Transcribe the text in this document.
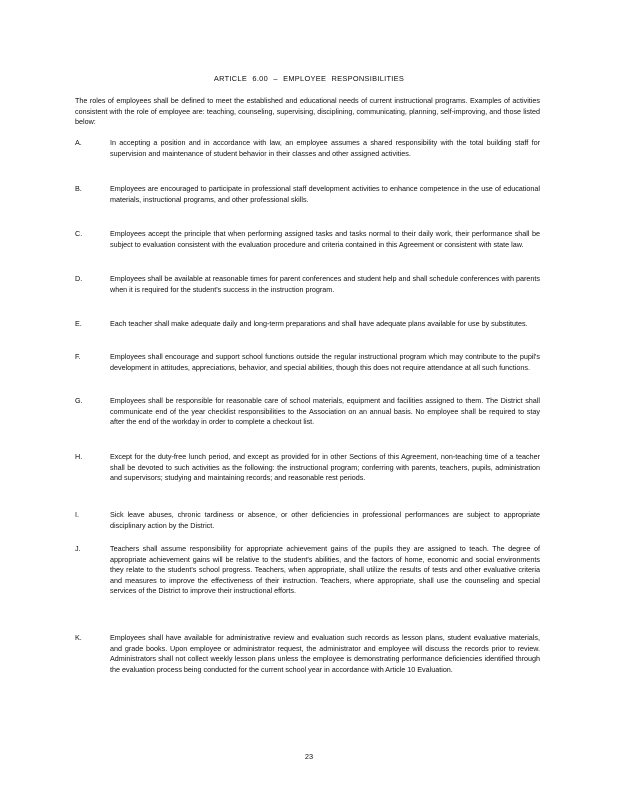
ARTICLE 6.00 – EMPLOYEE RESPONSIBILITIES
The roles of employees shall be defined to meet the established and educational needs of current instructional programs. Examples of activities consistent with the role of employee are: teaching, counseling, supervising, disciplining, communicating, planning, self-improving, and those listed below:
A.	In accepting a position and in accordance with law, an employee assumes a shared responsibility with the total building staff for supervision and maintenance of student behavior in their classes and other assigned activities.
B.	Employees are encouraged to participate in professional staff development activities to enhance competence in the use of educational materials, instructional programs, and other professional skills.
C.	Employees accept the principle that when performing assigned tasks and tasks normal to their daily work, their performance shall be subject to evaluation consistent with the evaluation procedure and criteria contained in this Agreement or consistent with state law.
D.	Employees shall be available at reasonable times for parent conferences and student help and shall schedule conferences with parents when it is required for the student's success in the instruction program.
E.	Each teacher shall make adequate daily and long-term preparations and shall have adequate plans available for use by substitutes.
F.	Employees shall encourage and support school functions outside the regular instructional program which may contribute to the pupil's development in attitudes, appreciations, behavior, and special abilities, though this does not require attendance at all such functions.
G.	Employees shall be responsible for reasonable care of school materials, equipment and facilities assigned to them. The District shall communicate end of the year checklist responsibilities to the Association on an annual basis. No employee shall be required to stay after the end of the workday in order to complete a checkout list.
H.	Except for the duty-free lunch period, and except as provided for in other Sections of this Agreement, non-teaching time of a teacher shall be devoted to such activities as the following: the instructional program; conferring with parents, teachers, pupils, administration and supervisors; studying and maintaining records; and reasonable rest periods.
I.	Sick leave abuses, chronic tardiness or absence, or other deficiencies in professional performances are subject to appropriate disciplinary action by the District.
J.	Teachers shall assume responsibility for appropriate achievement gains of the pupils they are assigned to teach. The degree of appropriate achievement gains will be relative to the student's abilities, and the factors of home, economic and social environments they relate to the student's school progress. Teachers, when appropriate, shall utilize the results of tests and other evaluative criteria and measures to improve the effectiveness of their instruction. Teachers, where appropriate, shall use the counseling and special services of the District to improve their instructional efforts.
K.	Employees shall have available for administrative review and evaluation such records as lesson plans, student evaluative materials, and grade books. Upon employee or administrator request, the administrator and employee will discuss the records prior to review. Administrators shall not collect weekly lesson plans unless the employee is demonstrating performance deficiencies identified through the evaluation process being conducted for the current school year in accordance with Article 10 Evaluation.
23
